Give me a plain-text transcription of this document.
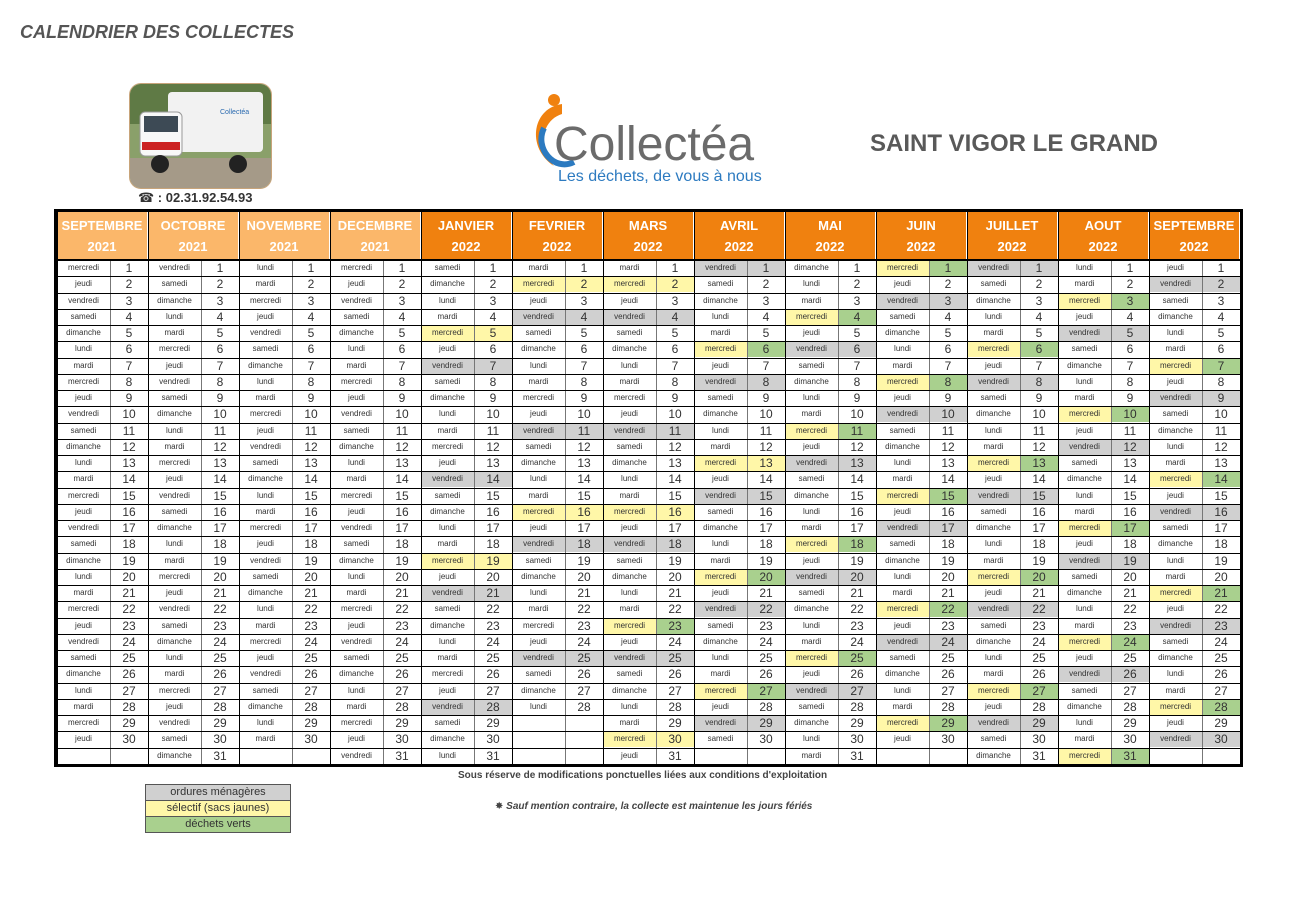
CALENDRIER DES COLLECTES
Collectéa
☎ : 02.31.92.54.93
Collectéa
Les déchets, de vous à nous
SAINT VIGOR LE GRAND
SEPTEMBRE
2021
mercredi	1
jeudi	2
vendredi	3
samedi	4
dimanche	5
lundi	6
mardi	7
mercredi	8
jeudi	9
vendredi	10
samedi	11
dimanche	12
lundi	13
mardi	14
mercredi	15
jeudi	16
vendredi	17
samedi	18
dimanche	19
lundi	20
mardi	21
mercredi	22
jeudi	23
vendredi	24
samedi	25
dimanche	26
lundi	27
mardi	28
mercredi	29
jeudi	30
OCTOBRE
2021
vendredi	1
samedi	2
dimanche	3
lundi	4
mardi	5
mercredi	6
jeudi	7
vendredi	8
samedi	9
dimanche	10
lundi	11
mardi	12
mercredi	13
jeudi	14
vendredi	15
samedi	16
dimanche	17
lundi	18
mardi	19
mercredi	20
jeudi	21
vendredi	22
samedi	23
dimanche	24
lundi	25
mardi	26
mercredi	27
jeudi	28
vendredi	29
samedi	30
dimanche	31
NOVEMBRE
2021
lundi	1
mardi	2
mercredi	3
jeudi	4
vendredi	5
samedi	6
dimanche	7
lundi	8
mardi	9
mercredi	10
jeudi	11
vendredi	12
samedi	13
dimanche	14
lundi	15
mardi	16
mercredi	17
jeudi	18
vendredi	19
samedi	20
dimanche	21
lundi	22
mardi	23
mercredi	24
jeudi	25
vendredi	26
samedi	27
dimanche	28
lundi	29
mardi	30
DECEMBRE
2021
mercredi	1
jeudi	2
vendredi	3
samedi	4
dimanche	5
lundi	6
mardi	7
mercredi	8
jeudi	9
vendredi	10
samedi	11
dimanche	12
lundi	13
mardi	14
mercredi	15
jeudi	16
vendredi	17
samedi	18
dimanche	19
lundi	20
mardi	21
mercredi	22
jeudi	23
vendredi	24
samedi	25
dimanche	26
lundi	27
mardi	28
mercredi	29
jeudi	30
vendredi	31
JANVIER
2022
samedi	1
dimanche	2
lundi	3
mardi	4
mercredi	5
jeudi	6
vendredi	7
samedi	8
dimanche	9
lundi	10
mardi	11
mercredi	12
jeudi	13
vendredi	14
samedi	15
dimanche	16
lundi	17
mardi	18
mercredi	19
jeudi	20
vendredi	21
samedi	22
dimanche	23
lundi	24
mardi	25
mercredi	26
jeudi	27
vendredi	28
samedi	29
dimanche	30
lundi	31
FEVRIER
2022
mardi	1
mercredi	2
jeudi	3
vendredi	4
samedi	5
dimanche	6
lundi	7
mardi	8
mercredi	9
jeudi	10
vendredi	11
samedi	12
dimanche	13
lundi	14
mardi	15
mercredi	16
jeudi	17
vendredi	18
samedi	19
dimanche	20
lundi	21
mardi	22
mercredi	23
jeudi	24
vendredi	25
samedi	26
dimanche	27
lundi	28
MARS
2022
mardi	1
mercredi	2
jeudi	3
vendredi	4
samedi	5
dimanche	6
lundi	7
mardi	8
mercredi	9
jeudi	10
vendredi	11
samedi	12
dimanche	13
lundi	14
mardi	15
mercredi	16
jeudi	17
vendredi	18
samedi	19
dimanche	20
lundi	21
mardi	22
mercredi	23
jeudi	24
vendredi	25
samedi	26
dimanche	27
lundi	28
mardi	29
mercredi	30
jeudi	31
AVRIL
2022
vendredi	1
samedi	2
dimanche	3
lundi	4
mardi	5
mercredi	6
jeudi	7
vendredi	8
samedi	9
dimanche	10
lundi	11
mardi	12
mercredi	13
jeudi	14
vendredi	15
samedi	16
dimanche	17
lundi	18
mardi	19
mercredi	20
jeudi	21
vendredi	22
samedi	23
dimanche	24
lundi	25
mardi	26
mercredi	27
jeudi	28
vendredi	29
samedi	30
MAI
2022
dimanche	1
lundi	2
mardi	3
mercredi	4
jeudi	5
vendredi	6
samedi	7
dimanche	8
lundi	9
mardi	10
mercredi	11
jeudi	12
vendredi	13
samedi	14
dimanche	15
lundi	16
mardi	17
mercredi	18
jeudi	19
vendredi	20
samedi	21
dimanche	22
lundi	23
mardi	24
mercredi	25
jeudi	26
vendredi	27
samedi	28
dimanche	29
lundi	30
mardi	31
JUIN
2022
mercredi	1
jeudi	2
vendredi	3
samedi	4
dimanche	5
lundi	6
mardi	7
mercredi	8
jeudi	9
vendredi	10
samedi	11
dimanche	12
lundi	13
mardi	14
mercredi	15
jeudi	16
vendredi	17
samedi	18
dimanche	19
lundi	20
mardi	21
mercredi	22
jeudi	23
vendredi	24
samedi	25
dimanche	26
lundi	27
mardi	28
mercredi	29
jeudi	30
JUILLET
2022
vendredi	1
samedi	2
dimanche	3
lundi	4
mardi	5
mercredi	6
jeudi	7
vendredi	8
samedi	9
dimanche	10
lundi	11
mardi	12
mercredi	13
jeudi	14
vendredi	15
samedi	16
dimanche	17
lundi	18
mardi	19
mercredi	20
jeudi	21
vendredi	22
samedi	23
dimanche	24
lundi	25
mardi	26
mercredi	27
jeudi	28
vendredi	29
samedi	30
dimanche	31
AOUT
2022
lundi	1
mardi	2
mercredi	3
jeudi	4
vendredi	5
samedi	6
dimanche	7
lundi	8
mardi	9
mercredi	10
jeudi	11
vendredi	12
samedi	13
dimanche	14
lundi	15
mardi	16
mercredi	17
jeudi	18
vendredi	19
samedi	20
dimanche	21
lundi	22
mardi	23
mercredi	24
jeudi	25
vendredi	26
samedi	27
dimanche	28
lundi	29
mardi	30
mercredi	31
SEPTEMBRE
2022
jeudi	1
vendredi	2
samedi	3
dimanche	4
lundi	5
mardi	6
mercredi	7
jeudi	8
vendredi	9
samedi	10
dimanche	11
lundi	12
mardi	13
mercredi	14
jeudi	15
vendredi	16
samedi	17
dimanche	18
lundi	19
mardi	20
mercredi	21
jeudi	22
vendredi	23
samedi	24
dimanche	25
lundi	26
mardi	27
mercredi	28
jeudi	29
vendredi	30
Sous réserve de modifications ponctuelles liées aux conditions d'exploitation
ordures ménagères
sélectif (sacs jaunes)
déchets verts
✸ Sauf mention contraire, la collecte est maintenue les jours fériés
